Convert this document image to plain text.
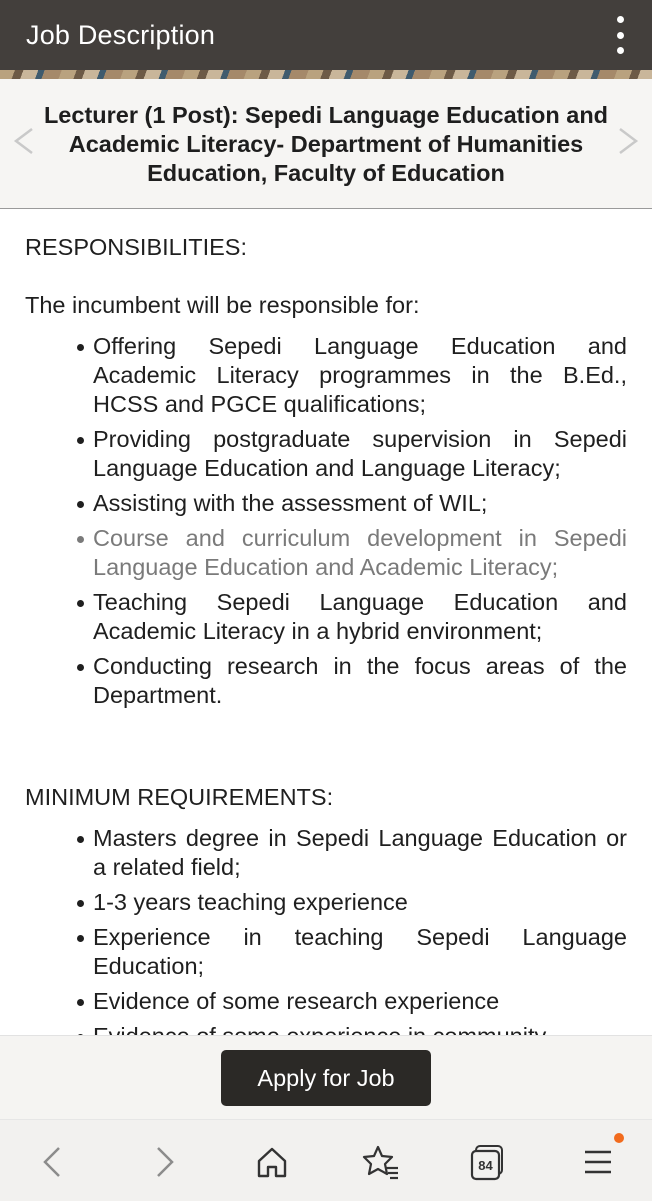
Job Description
Lecturer (1 Post): Sepedi Language Education and Academic Literacy- Department of Humanities Education, Faculty of Education
RESPONSIBILITIES:
The incumbent will be responsible for:
Offering Sepedi Language Education and Academic Literacy programmes in the B.Ed., HCSS and PGCE qualifications;
Providing postgraduate supervision in Sepedi Language Education and Language Literacy;
Assisting with the assessment of WIL;
Course and curriculum development in Sepedi Language Education and Academic Literacy;
Teaching Sepedi Language Education and Academic Literacy in a hybrid environment;
Conducting research in the focus areas of the Department.
MINIMUM REQUIREMENTS:
Masters degree in Sepedi Language Education or a related field;
1-3 years teaching experience
Experience in teaching Sepedi Language Education;
Evidence of some research experience
Apply for Job
84
